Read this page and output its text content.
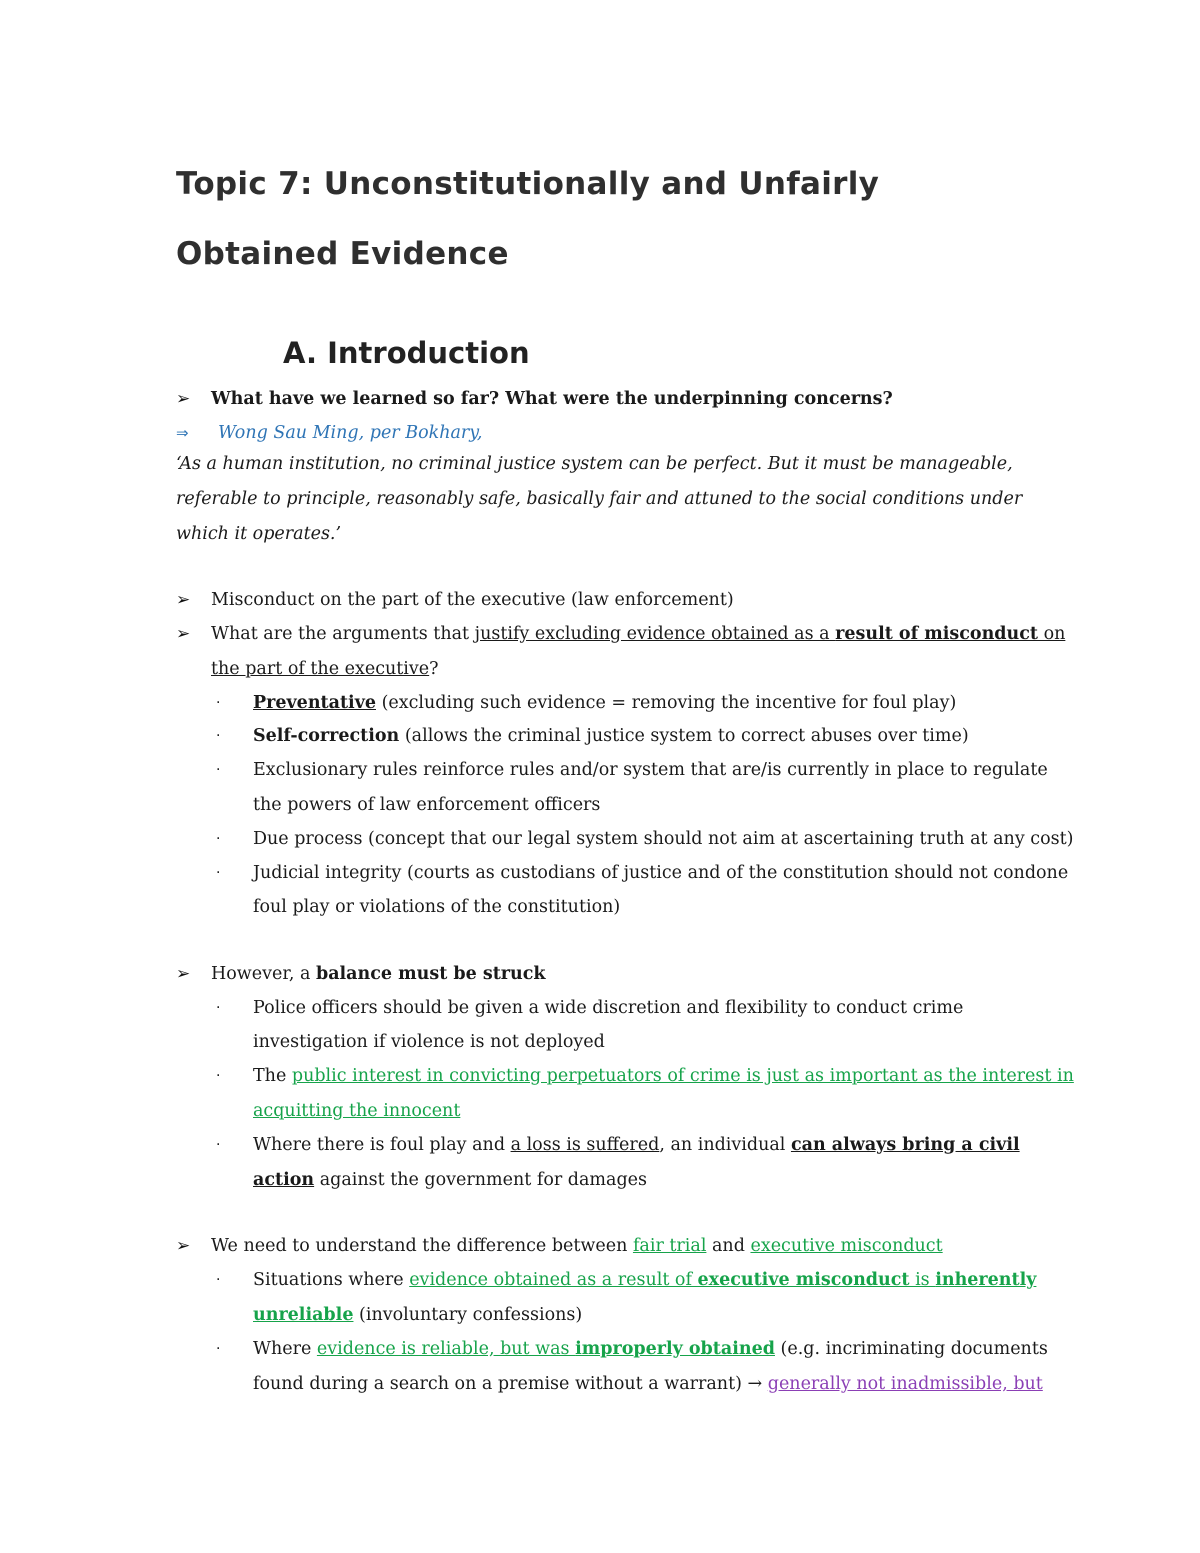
Topic 7: Unconstitutionally and Unfairly
Obtained Evidence
A. Introduction
➢ What have we learned so far? What were the underpinning concerns?
⇒ Wong Sau Ming, per Bokhary,
‘As a human institution, no criminal justice system can be perfect. But it must be manageable,
referable to principle, reasonably safe, basically fair and attuned to the social conditions under
which it operates.’
➢ Misconduct on the part of the executive (law enforcement)
➢ What are the arguments that justify excluding evidence obtained as a result of misconduct on
the part of the executive?
· Preventative (excluding such evidence = removing the incentive for foul play)
· Self-correction (allows the criminal justice system to correct abuses over time)
· Exclusionary rules reinforce rules and/or system that are/is currently in place to regulate
the powers of law enforcement officers
· Due process (concept that our legal system should not aim at ascertaining truth at any cost)
· Judicial integrity (courts as custodians of justice and of the constitution should not condone
foul play or violations of the constitution)
➢ However, a balance must be struck
· Police officers should be given a wide discretion and flexibility to conduct crime
investigation if violence is not deployed
· The public interest in convicting perpetuators of crime is just as important as the interest in
acquitting the innocent
· Where there is foul play and a loss is suffered, an individual can always bring a civil
action against the government for damages
➢ We need to understand the difference between fair trial and executive misconduct
· Situations where evidence obtained as a result of executive misconduct is inherently
unreliable (involuntary confessions)
· Where evidence is reliable, but was improperly obtained (e.g. incriminating documents
found during a search on a premise without a warrant) → generally not inadmissible, but
